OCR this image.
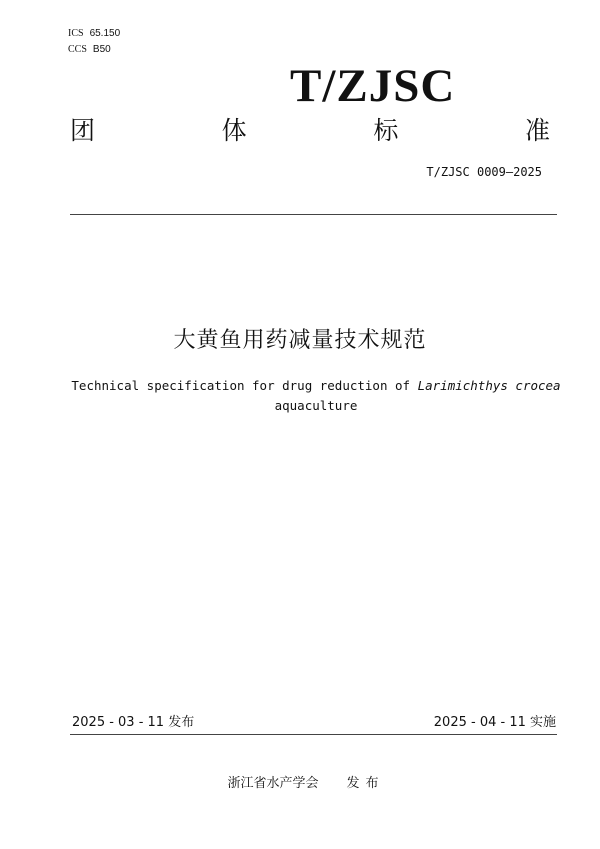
ICS 65.150
CCS B50
T/ZJSC
团	体	标	准
T/ZJSC 0009—2025
大黄鱼用药减量技术规范
Technical specification for drug reduction of Larimichthys crocea
aquaculture
2025 - 03 - 11 发布	2025 - 04 - 11 实施
浙江省水产学会 发布
